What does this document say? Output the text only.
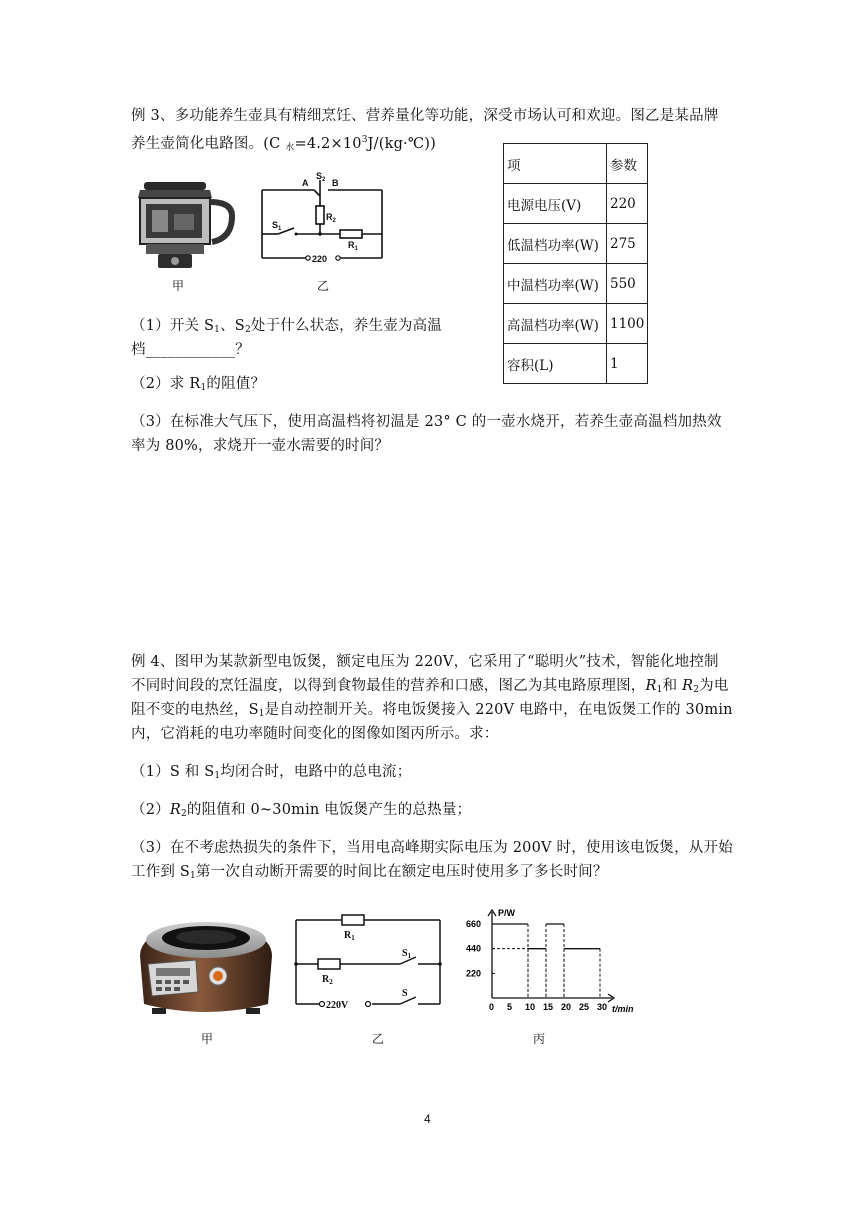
例 3、多功能养生壶具有精细烹饪、营养量化等功能，深受市场认可和欢迎。图乙是某品牌
养生壶简化电路图。(C $_水=4.2\times 10^3J/(kg\cdot℃)$)
甲
A	B
$S_2$
$R_2$
$S_1$
$R_1$
220
乙
项	参数
电源电压(V)	220
低温档功率(W)	275
中温档功率(W)	550
高温档功率(W)	1100
容积(L)	1
（1）开关 $S_1$、$S_2$处于什么状态，养生壶为高温
档____________？
（2）求 $R_1$的阻值？
（3）在标准大气压下，使用高温档将初温是 23° C 的一壶水烧开，若养生壶高温档加热效
率为 80%，求烧开一壶水需要的时间？
例 4、图甲为某款新型电饭煲，额定电压为 220V，它采用了“聪明火”技术，智能化地控制
不同时间段的烹饪温度，以得到食物最佳的营养和口感，图乙为其电路原理图，$R_1$和 $R_2$为电
阻不变的电热丝，$S_1$是自动控制开关。将电饭煲接入 220V 电路中，在电饭煲工作的 30min
内，它消耗的电功率随时间变化的图像如图丙所示。求：
（1）S 和 $S_1$均闭合时，电路中的总电流；
$(2)R_2$的阻值和 0~30min 电饭煲产生的总热量；
（3）在不考虑热损失的条件下，当用电高峰期实际电压为 200V 时，使用该电饭煲，从开始
工作到 $S_1$第一次自动断开需要的时间比在额定电压时使用多了多长时间？
甲
$R_1$
$R_2$
$S_1$
S
220V
乙
P/W
t/min
0 5 10 15 20 25 30
660
440
220
丙
4
